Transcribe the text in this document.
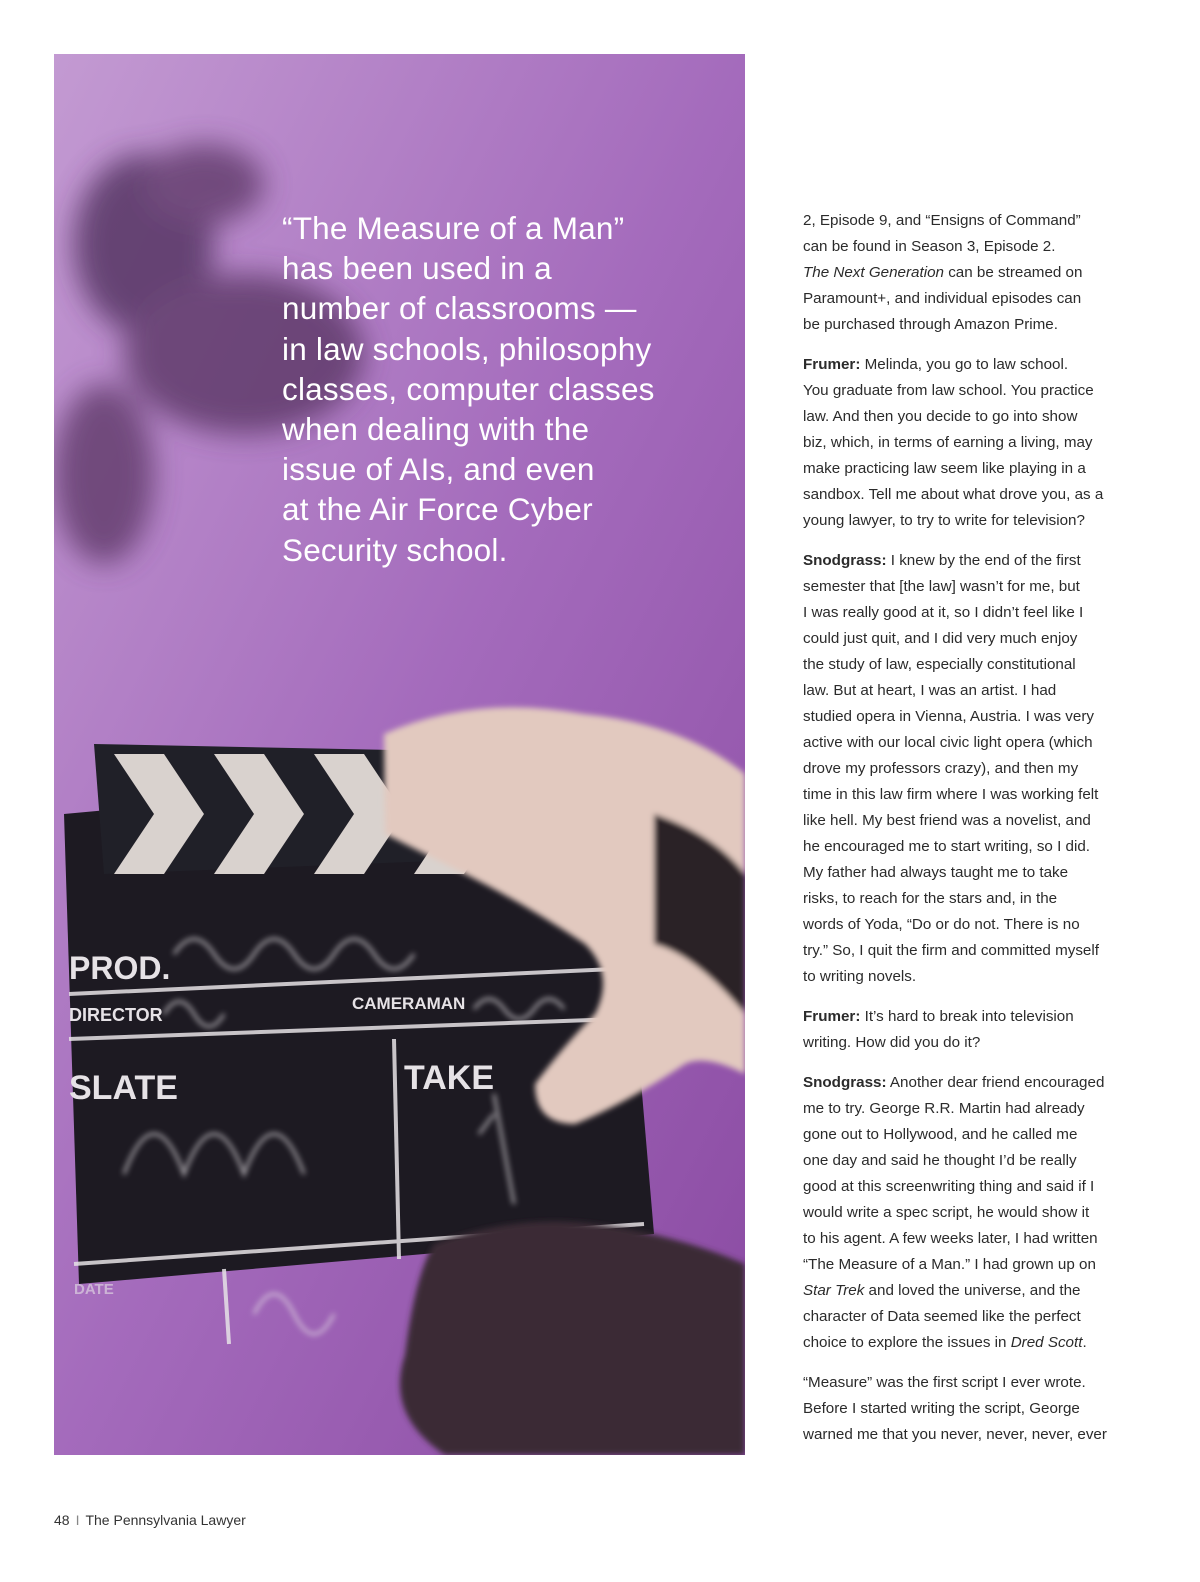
PROD.
DIRECTOR
CAMERAMAN
SLATE	TAKE
DATE
“The Measure of a Man”
has been used in a
number of classrooms —
in law schools, philosophy
classes, computer classes
when dealing with the
issue of AIs, and even
at the Air Force Cyber
Security school.

2, Episode 9, and “Ensigns of Command”
can be found in Season 3, Episode 2.
The Next Generation can be streamed on
Paramount+, and individual episodes can
be purchased through Amazon Prime.

Frumer: Melinda, you go to law school.
You graduate from law school. You practice
law. And then you decide to go into show
biz, which, in terms of earning a living, may
make practicing law seem like playing in a
sandbox. Tell me about what drove you, as a
young lawyer, to try to write for television?

Snodgrass: I knew by the end of the first
semester that [the law] wasn’t for me, but
I was really good at it, so I didn’t feel like I
could just quit, and I did very much enjoy
the study of law, especially constitutional
law. But at heart, I was an artist. I had
studied opera in Vienna, Austria. I was very
active with our local civic light opera (which
drove my professors crazy), and then my
time in this law firm where I was working felt
like hell. My best friend was a novelist, and
he encouraged me to start writing, so I did.
My father had always taught me to take
risks, to reach for the stars and, in the
words of Yoda, “Do or do not. There is no
try.” So, I quit the firm and committed myself
to writing novels.

Frumer: It’s hard to break into television
writing. How did you do it?

Snodgrass: Another dear friend encouraged
me to try. George R.R. Martin had already
gone out to Hollywood, and he called me
one day and said he thought I’d be really
good at this screenwriting thing and said if I
would write a spec script, he would show it
to his agent. A few weeks later, I had written
“The Measure of a Man.” I had grown up on
Star Trek and loved the universe, and the
character of Data seemed like the perfect
choice to explore the issues in Dred Scott.

“Measure” was the first script I ever wrote.
Before I started writing the script, George
warned me that you never, never, never, ever

48 I The Pennsylvania Lawyer
